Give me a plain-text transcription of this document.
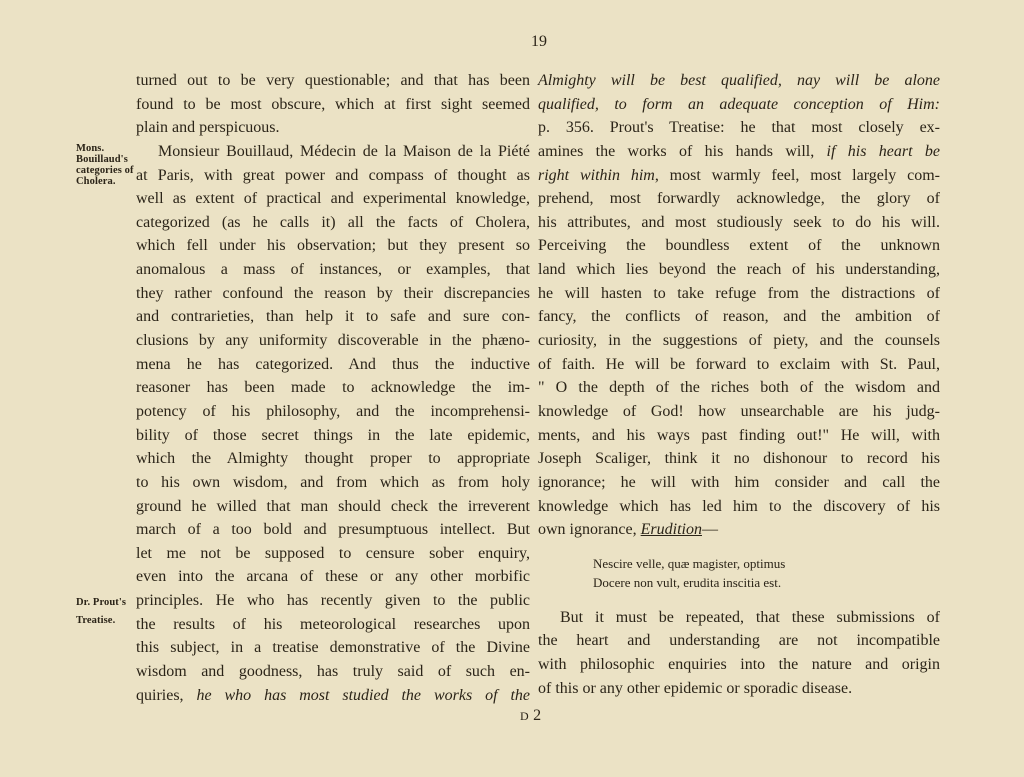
19
Mons.
Bouillaud's
categories of
Cholera.
Dr. Prout's
Treatise.
turned out to be very questionable; and that has been
found to be most obscure, which at first sight seemed
plain and perspicuous.
Monsieur Bouillaud, Médecin de la Maison de la Piété
at Paris, with great power and compass of thought as
well as extent of practical and experimental knowledge,
categorized (as he calls it) all the facts of Cholera,
which fell under his observation; but they present so
anomalous a mass of instances, or examples, that
they rather confound the reason by their discrepancies
and contrarieties, than help it to safe and sure con-
clusions by any uniformity discoverable in the phæno-
mena he has categorized. And thus the inductive
reasoner has been made to acknowledge the im-
potency of his philosophy, and the incomprehensi-
bility of those secret things in the late epidemic,
which the Almighty thought proper to appropriate
to his own wisdom, and from which as from holy
ground he willed that man should check the irreverent
march of a too bold and presumptuous intellect. But
let me not be supposed to censure sober enquiry,
even into the arcana of these or any other morbific
principles. He who has recently given to the public
the results of his meteorological researches upon
this subject, in a treatise demonstrative of the Divine
wisdom and goodness, has truly said of such en-
quiries, he who has most studied the works of the
Almighty will be best qualified, nay will be alone
qualified, to form an adequate conception of Him:
p. 356. Prout's Treatise: he that most closely ex-
amines the works of his hands will, if his heart be
right within him, most warmly feel, most largely com-
prehend, most forwardly acknowledge, the glory of
his attributes, and most studiously seek to do his will.
Perceiving the boundless extent of the unknown
land which lies beyond the reach of his understanding,
he will hasten to take refuge from the distractions of
fancy, the conflicts of reason, and the ambition of
curiosity, in the suggestions of piety, and the counsels
of faith. He will be forward to exclaim with St. Paul,
" O the depth of the riches both of the wisdom and
knowledge of God! how unsearchable are his judg-
ments, and his ways past finding out!" He will, with
Joseph Scaliger, think it no dishonour to record his
ignorance; he will with him consider and call the
knowledge which has led him to the discovery of his
own ignorance, Erudition—
Nescire velle, quæ magister, optimus
Docere non vult, erudita inscitia est.
But it must be repeated, that these submissions of
the heart and understanding are not incompatible
with philosophic enquiries into the nature and origin
of this or any other epidemic or sporadic disease.
D 2
